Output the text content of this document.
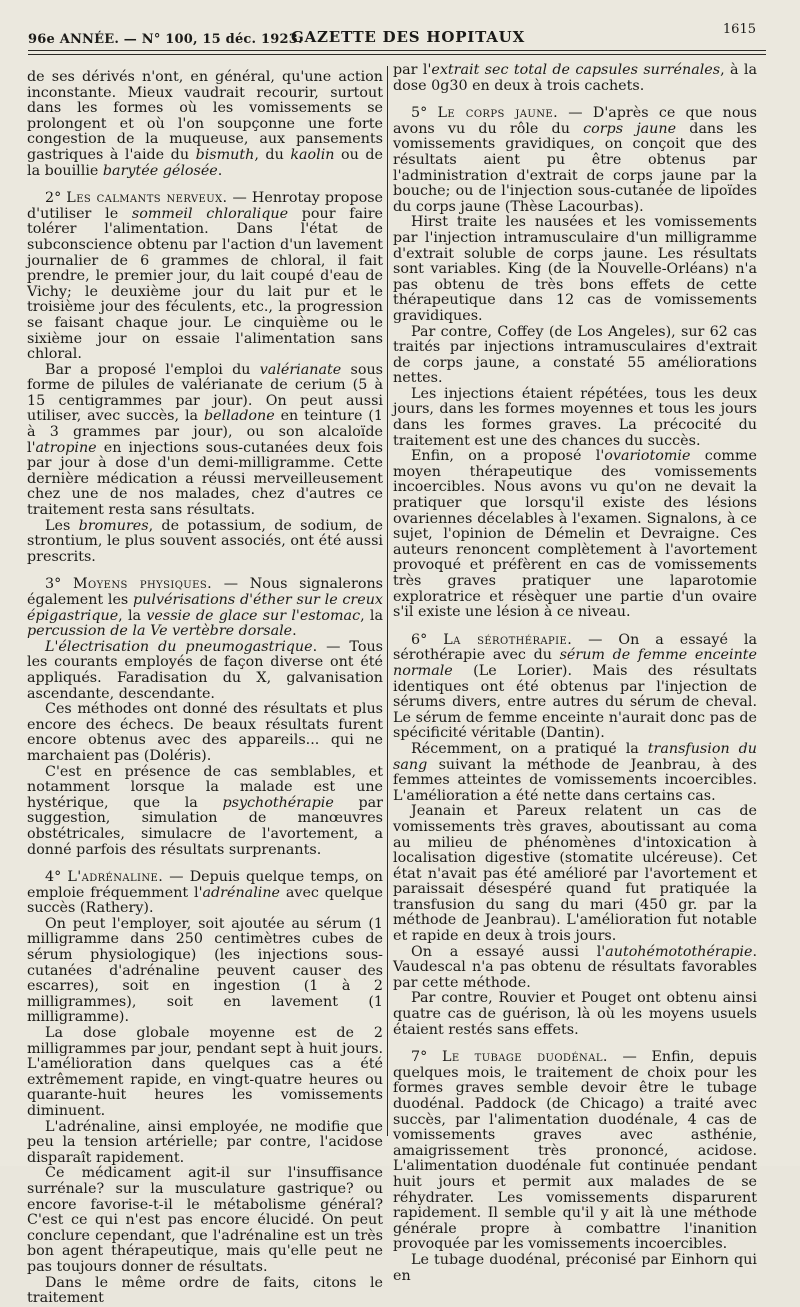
96e ANNÉE. — N° 100, 15 déc. 1923.
GAZETTE DES HOPITAUX	1615

de ses dérivés n'ont, en général, qu'une action inconstante. Mieux vaudrait recourir, surtout dans les formes où les vomissements se prolongent et où l'on soupçonne une forte congestion de la muqueuse, aux pansements gastriques à l'aide du bismuth, du kaolin ou de la bouillie barytée gélosée.

2° Les calmants nerveux. — Henrotay propose d'utiliser le sommeil chloralique pour faire tolérer l'alimentation. Dans l'état de subconscience obtenu par l'action d'un lavement journalier de 6 grammes de chloral, il fait prendre, le premier jour, du lait coupé d'eau de Vichy; le deuxième jour du lait pur et le troisième jour des féculents, etc., la progression se faisant chaque jour. Le cinquième ou le sixième jour on essaie l'alimentation sans chloral.

Bar a proposé l'emploi du valérianate sous forme de pilules de valérianate de cerium (5 à 15 centigrammes par jour). On peut aussi utiliser, avec succès, la belladone en teinture (1 à 3 grammes par jour), ou son alcaloïde l'atropine en injections sous-cutanées deux fois par jour à dose d'un demi-milligramme. Cette dernière médication a réussi merveilleusement chez une de nos malades, chez d'autres ce traitement resta sans résultats.

Les bromures, de potassium, de sodium, de strontium, le plus souvent associés, ont été aussi prescrits.

3° Moyens physiques. — Nous signalerons également les pulvérisations d'éther sur le creux épigastrique, la vessie de glace sur l'estomac, la percussion de la Ve vertèbre dorsale.

L'électrisation du pneumogastrique. — Tous les courants employés de façon diverse ont été appliqués. Faradisation du X, galvanisation ascendante, descendante.

Ces méthodes ont donné des résultats et plus encore des échecs. De beaux résultats furent encore obtenus avec des appareils... qui ne marchaient pas (Doléris).

C'est en présence de cas semblables, et notamment lorsque la malade est une hystérique, que la psychothérapie par suggestion, simulation de manœuvres obstétricales, simulacre de l'avortement, a donné parfois des résultats surprenants.

4° L'adrénaline. — Depuis quelque temps, on emploie fréquemment l'adrénaline avec quelque succès (Rathery).

On peut l'employer, soit ajoutée au sérum (1 milligramme dans 250 centimètres cubes de sérum physiologique) (les injections sous-cutanées d'adrénaline peuvent causer des escarres), soit en ingestion (1 à 2 milligrammes), soit en lavement (1 milligramme).

La dose globale moyenne est de 2 milligrammes par jour, pendant sept à huit jours. L'amélioration dans quelques cas a été extrêmement rapide, en vingt-quatre heures ou quarante-huit heures les vomissements diminuent.

L'adrénaline, ainsi employée, ne modifie que peu la tension artérielle; par contre, l'acidose disparaît rapidement.

Ce médicament agit-il sur l'insuffisance surrénale? sur la musculature gastrique? ou encore favorise-t-il le métabolisme général? C'est ce qui n'est pas encore élucidé. On peut conclure cependant, que l'adrénaline est un très bon agent thérapeutique, mais qu'elle peut ne pas toujours donner de résultats.

Dans le même ordre de faits, citons le traitement

par l'extrait sec total de capsules surrénales, à la dose 0g30 en deux à trois cachets.

5° Le corps jaune. — D'après ce que nous avons vu du rôle du corps jaune dans les vomissements gravidiques, on conçoit que des résultats aient pu être obtenus par l'administration d'extrait de corps jaune par la bouche; ou de l'injection sous-cutanée de lipoïdes du corps jaune (Thèse Lacourbas).

Hirst traite les nausées et les vomissements par l'injection intramusculaire d'un milligramme d'extrait soluble de corps jaune. Les résultats sont variables. King (de la Nouvelle-Orléans) n'a pas obtenu de très bons effets de cette thérapeutique dans 12 cas de vomissements gravidiques.

Par contre, Coffey (de Los Angeles), sur 62 cas traités par injections intramusculaires d'extrait de corps jaune, a constaté 55 améliorations nettes.

Les injections étaient répétées, tous les deux jours, dans les formes moyennes et tous les jours dans les formes graves. La précocité du traitement est une des chances du succès.

Enfin, on a proposé l'ovariotomie comme moyen thérapeutique des vomissements incoercibles. Nous avons vu qu'on ne devait la pratiquer que lorsqu'il existe des lésions ovariennes décelables à l'examen. Signalons, à ce sujet, l'opinion de Démelin et Devraigne. Ces auteurs renoncent complètement à l'avortement provoqué et préfèrent en cas de vomissements très graves pratiquer une laparotomie exploratrice et résèquer une partie d'un ovaire s'il existe une lésion à ce niveau.

6° La sérothérapie. — On a essayé la sérothérapie avec du sérum de femme enceinte normale (Le Lorier). Mais des résultats identiques ont été obtenus par l'injection de sérums divers, entre autres du sérum de cheval. Le sérum de femme enceinte n'aurait donc pas de spécificité véritable (Dantin).

Récemment, on a pratiqué la transfusion du sang suivant la méthode de Jeanbrau, à des femmes atteintes de vomissements incoercibles. L'amélioration a été nette dans certains cas.

Jeanain et Pareux relatent un cas de vomissements très graves, aboutissant au coma au milieu de phénomènes d'intoxication à localisation digestive (stomatite ulcéreuse). Cet état n'avait pas été amélioré par l'avortement et paraissait désespéré quand fut pratiquée la transfusion du sang du mari (450 gr. par la méthode de Jeanbrau). L'amélioration fut notable et rapide en deux à trois jours.

On a essayé aussi l'autohémotothérapie. Vaudescal n'a pas obtenu de résultats favorables par cette méthode.

Par contre, Rouvier et Pouget ont obtenu ainsi quatre cas de guérison, là où les moyens usuels étaient restés sans effets.

7° Le tubage duodénal. — Enfin, depuis quelques mois, le traitement de choix pour les formes graves semble devoir être le tubage duodénal. Paddock (de Chicago) a traité avec succès, par l'alimentation duodénale, 4 cas de vomissements graves avec asthénie, amaigrissement très prononcé, acidose. L'alimentation duodénale fut continuée pendant huit jours et permit aux malades de se réhydrater. Les vomissements disparurent rapidement. Il semble qu'il y ait là une méthode générale propre à combattre l'inanition provoquée par les vomissements incoercibles.

Le tubage duodénal, préconisé par Einhorn qui en
